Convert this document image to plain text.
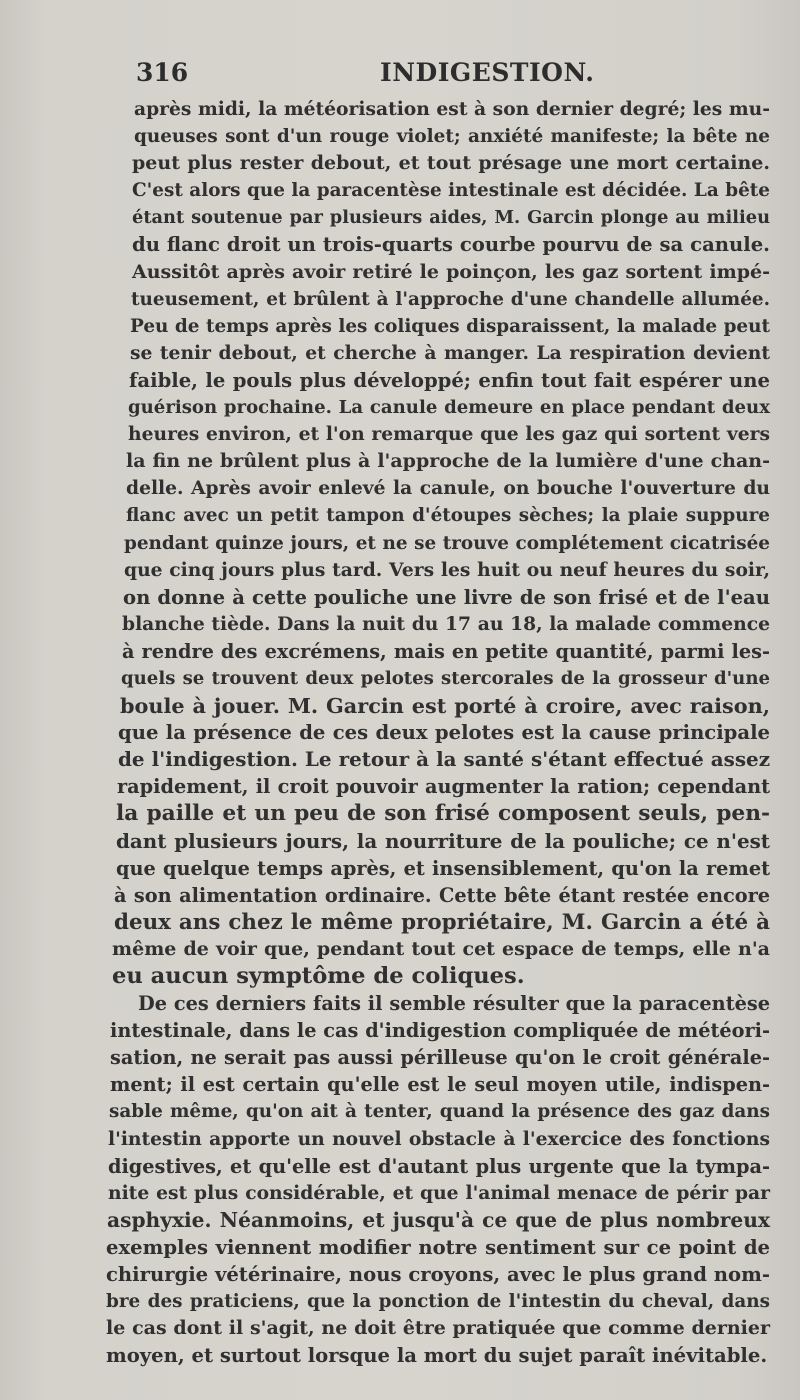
316	INDIGESTION.
après midi, la météorisation est à son dernier degré; les mu-
queuses sont d'un rouge violet; anxiété manifeste; la bête ne
peut plus rester debout, et tout présage une mort certaine.
C'est alors que la paracentèse intestinale est décidée. La bête
étant soutenue par plusieurs aides, M. Garcin plonge au milieu
du flanc droit un trois-quarts courbe pourvu de sa canule.
Aussitôt après avoir retiré le poinçon, les gaz sortent impé-
tueusement, et brûlent à l'approche d'une chandelle allumée.
Peu de temps après les coliques disparaissent, la malade peut
se tenir debout, et cherche à manger. La respiration devient
faible, le pouls plus développé; enfin tout fait espérer une
guérison prochaine. La canule demeure en place pendant deux
heures environ, et l'on remarque que les gaz qui sortent vers
la fin ne brûlent plus à l'approche de la lumière d'une chan-
delle. Après avoir enlevé la canule, on bouche l'ouverture du
flanc avec un petit tampon d'étoupes sèches; la plaie suppure
pendant quinze jours, et ne se trouve complétement cicatrisée
que cinq jours plus tard. Vers les huit ou neuf heures du soir,
on donne à cette pouliche une livre de son frisé et de l'eau
blanche tiède. Dans la nuit du 17 au 18, la malade commence
à rendre des excrémens, mais en petite quantité, parmi les-
quels se trouvent deux pelotes stercorales de la grosseur d'une
boule à jouer. M. Garcin est porté à croire, avec raison,
que la présence de ces deux pelotes est la cause principale
de l'indigestion. Le retour à la santé s'étant effectué assez
rapidement, il croit pouvoir augmenter la ration; cependant
la paille et un peu de son frisé composent seuls, pen-
dant plusieurs jours, la nourriture de la pouliche; ce n'est
que quelque temps après, et insensiblement, qu'on la remet
à son alimentation ordinaire. Cette bête étant restée encore
deux ans chez le même propriétaire, M. Garcin a été à
même de voir que, pendant tout cet espace de temps, elle n'a
eu aucun symptôme de coliques.
De ces derniers faits il semble résulter que la paracentèse
intestinale, dans le cas d'indigestion compliquée de météori-
sation, ne serait pas aussi périlleuse qu'on le croit générale-
ment; il est certain qu'elle est le seul moyen utile, indispen-
sable même, qu'on ait à tenter, quand la présence des gaz dans
l'intestin apporte un nouvel obstacle à l'exercice des fonctions
digestives, et qu'elle est d'autant plus urgente que la tympa-
nite est plus considérable, et que l'animal menace de périr par
asphyxie. Néanmoins, et jusqu'à ce que de plus nombreux
exemples viennent modifier notre sentiment sur ce point de
chirurgie vétérinaire, nous croyons, avec le plus grand nom-
bre des praticiens, que la ponction de l'intestin du cheval, dans
le cas dont il s'agit, ne doit être pratiquée que comme dernier
moyen, et surtout lorsque la mort du sujet paraît inévitable.
